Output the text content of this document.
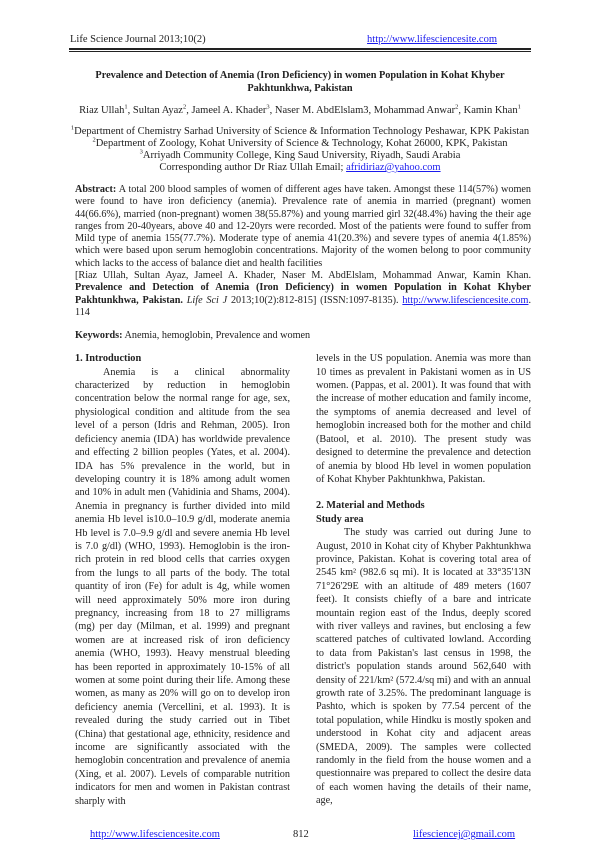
Life Science Journal 2013;10(2)	http://www.lifesciencesite.com
Prevalence and Detection of Anemia (Iron Deficiency) in women Population in Kohat Khyber Pakhtunkhwa, Pakistan
Riaz Ullah$^1$, Sultan Ayaz$^2$, Jameel A. Khader$^3$, Naser M. AbdElslam3, Mohammad Anwar$^2$, Kamin Khan$^1$
$^1$Department of Chemistry Sarhad University of Science & Information Technology Peshawar, KPK Pakistan
$^2$Department of Zoology, Kohat University of Science & Technology, Kohat 26000, KPK, Pakistan
$^3$Arriyadh Community College, King Saud University, Riyadh, Saudi Arabia
Corresponding author Dr Riaz Ullah Email; afridiriaz@yahoo.com

Abstract: A total 200 blood samples of women of different ages have taken. Amongst these 114(57%) women were found to have iron deficiency (anemia). Prevalence rate of anemia in married (pregnant) women 44(66.6%), married (non-pregnant) women 38(55.87%) and young married girl 32(48.4%) having the their age ranges from 20-40years, above 40 and 12-20yrs were recorded. Most of the patients were found to suffer from Mild type of anemia 155(77.7%). Moderate type of anemia 41(20.3%) and severe types of anemia 4(1.85%) which were based upon serum hemoglobin concentrations. Majority of the women belong to poor community which lacks to the access of balance diet and health facilities

[Riaz Ullah, Sultan Ayaz, Jameel A. Khader, Naser M. AbdElslam, Mohammad Anwar, Kamin Khan. Prevalence and Detection of Anemia (Iron Deficiency) in women Population in Kohat Khyber Pakhtunkhwa, Pakistan. Life Sci J 2013;10(2):812-815] (ISSN:1097-8135). http://www.lifesciencesite.com. 114

Keywords: Anemia, hemoglobin, Prevalence and women
1. Introduction

Anemia is a clinical abnormality characterized by reduction in hemoglobin concentration below the normal range for age, sex, physiological condition and altitude from the sea level of a person (Idris and Rehman, 2005). Iron deficiency anemia (IDA) has worldwide prevalence and effecting 2 billion peoples (Yates, et al. 2004). IDA has 5% prevalence in the world, but in developing country it is 18% among adult women and 10% in adult men (Vahidinia and Shams, 2004). Anemia in pregnancy is further divided into mild anemia Hb level is10.0–10.9 g/dl, moderate anemia Hb level is 7.0–9.9 g/dl and severe anemia Hb level is 7.0 g/dl) (WHO, 1993). Hemoglobin is the iron-rich protein in red blood cells that carries oxygen from the lungs to all parts of the body. The total quantity of iron (Fe) for adult is 4g, while women will need approximately 50% more iron during pregnancy, increasing from 18 to 27 milligrams (mg) per day (Milman, et al. 1999) and pregnant women are at increased risk of iron deficiency anemia (WHO, 1993). Heavy menstrual bleeding has been reported in approximately 10-15% of all women at some point during their life. Among these women, as many as 20% will go on to develop iron deficiency anemia (Vercellini, et al. 1993). It is revealed during the study carried out in Tibet (China) that gestational age, ethnicity, residence and income are significantly associated with the hemoglobin concentration and prevalence of anemia (Xing, et al. 2007). Levels of comparable nutrition indicators for men and women in Pakistan contrast sharply with

levels in the US population. Anemia was more than 10 times as prevalent in Pakistani women as in US women. (Pappas, et al. 2001). It was found that with the increase of mother education and family income, the symptoms of anemia decreased and level of hemoglobin increased both for the mother and child (Batool, et al. 2010). The present study was designed to determine the prevalence and detection of anemia by blood Hb level in women population of Kohat Khyber Pakhtunkhwa, Pakistan.

2. Material and Methods
Study area

The study was carried out during June to August, 2010 in Kohat city of Khyber Pakhtunkhwa province, Pakistan. Kohat is covering total area of 2545 km² (982.6 sq mi). It is located at 33°35'13N 71°26'29E with an altitude of 489 meters (1607 feet). It consists chiefly of a bare and intricate mountain region east of the Indus, deeply scored with river valleys and ravines, but enclosing a few scattered patches of cultivated lowland. According to data from Pakistan's last census in 1998, the district's population stands around 562,640 with density of 221/km² (572.4/sq mi) and with an annual growth rate of 3.25%. The predominant language is Pashto, which is spoken by 77.54 percent of the total population, while Hindku is mostly spoken and understood in Kohat city and adjacent areas (SMEDA, 2009). The samples were collected randomly in the field from the house women and a questionnaire was prepared to collect the desire data of each women having the details of their name, age,

http://www.lifesciencesite.com	812	lifesciencej@gmail.com
